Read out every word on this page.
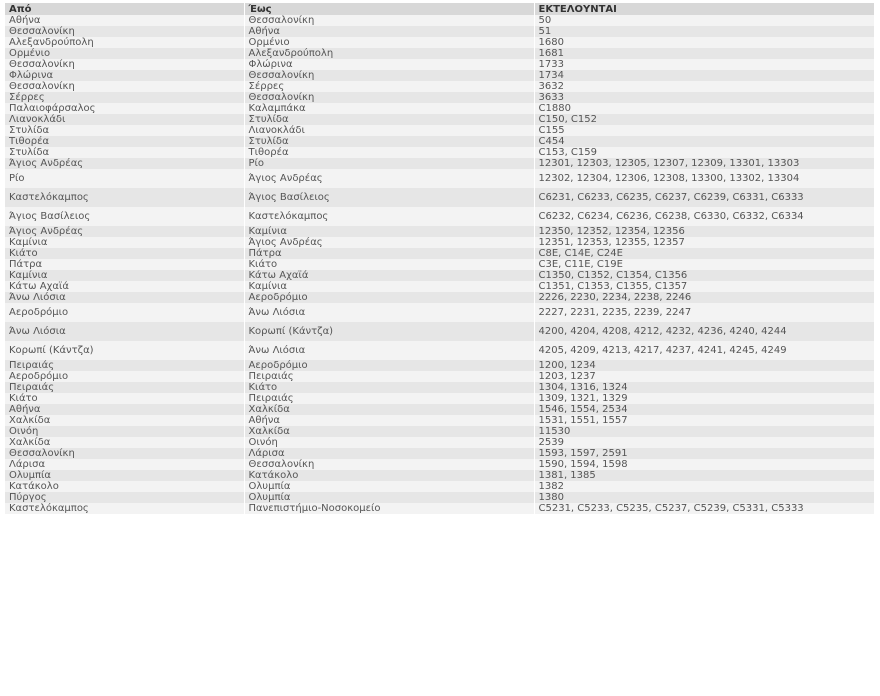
Από	Έως	ΕΚΤΕΛΟΥΝΤΑΙ
Αθήνα	Θεσσαλονίκη	50
Θεσσαλονίκη	Αθήνα	51
Αλεξανδρούπολη	Ορμένιο	1680
Ορμένιο	Αλεξανδρούπολη	1681
Θεσσαλονίκη	Φλώρινα	1733
Φλώρινα	Θεσσαλονίκη	1734
Θεσσαλονίκη	Σέρρες	3632
Σέρρες	Θεσσαλονίκη	3633
Παλαιοφάρσαλος	Καλαμπάκα	C1880
Λιανοκλάδι	Στυλίδα	C150, C152
Στυλίδα	Λιανοκλάδι	C155
Τιθορέα	Στυλίδα	C454
Στυλίδα	Τιθορέα	C153, C159
Άγιος Ανδρέας	Ρίο	12301, 12303, 12305, 12307, 12309, 13301, 13303
Ρίο	Άγιος Ανδρέας	12302, 12304, 12306, 12308, 13300, 13302, 13304
Καστελόκαμπος	Άγιος Βασίλειος	C6231, C6233, C6235, C6237, C6239, C6331, C6333
Άγιος Βασίλειος	Καστελόκαμπος	C6232, C6234, C6236, C6238, C6330, C6332, C6334
Άγιος Ανδρέας	Καμίνια	12350, 12352, 12354, 12356
Καμίνια	Άγιος Ανδρέας	12351, 12353, 12355, 12357
Κιάτο	Πάτρα	C8E, C14E, C24E
Πάτρα	Κιάτο	C3E, C11E, C19E
Καμίνια	Κάτω Αχαϊά	C1350, C1352, C1354, C1356
Κάτω Αχαϊά	Καμίνια	C1351, C1353, C1355, C1357
Άνω Λιόσια	Αεροδρόμιο	2226, 2230, 2234, 2238, 2246
Αεροδρόμιο	Άνω Λιόσια	2227, 2231, 2235, 2239, 2247
Άνω Λιόσια	Κορωπί (Κάντζα)	4200, 4204, 4208, 4212, 4232, 4236, 4240, 4244
Κορωπί (Κάντζα)	Άνω Λιόσια	4205, 4209, 4213, 4217, 4237, 4241, 4245, 4249
Πειραιάς	Αεροδρόμιο	1200, 1234
Αεροδρόμιο	Πειραιάς	1203, 1237
Πειραιάς	Κιάτο	1304, 1316, 1324
Κιάτο	Πειραιάς	1309, 1321, 1329
Αθήνα	Χαλκίδα	1546, 1554, 2534
Χαλκίδα	Αθήνα	1531, 1551, 1557
Οινόη	Χαλκίδα	11530
Χαλκίδα	Οινόη	2539
Θεσσαλονίκη	Λάρισα	1593, 1597, 2591
Λάρισα	Θεσσαλονίκη	1590, 1594, 1598
Ολυμπία	Κατάκολο	1381, 1385
Κατάκολο	Ολυμπία	1382
Πύργος	Ολυμπία	1380
Καστελόκαμπος	Πανεπιστήμιο-Νοσοκομείο	C5231, C5233, C5235, C5237, C5239, C5331, C5333
